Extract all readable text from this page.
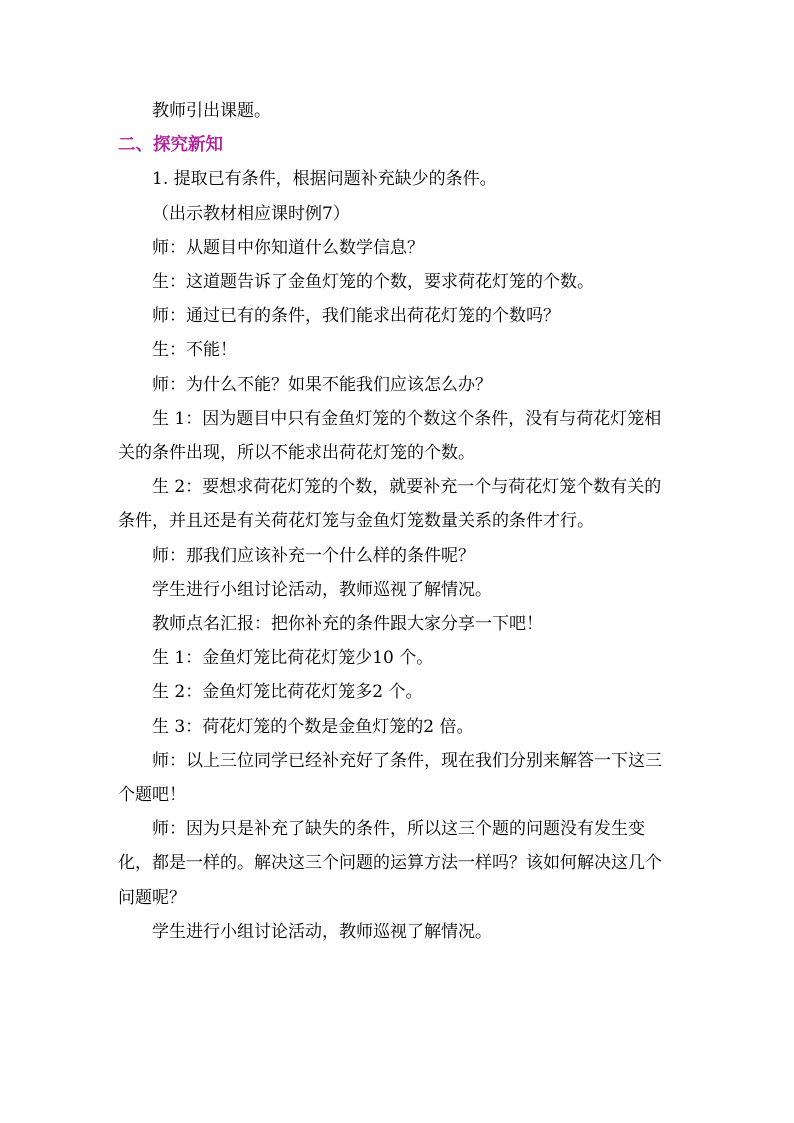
教师引出课题。

二、探究新知

1. 提取已有条件，根据问题补充缺少的条件。

（出示教材相应课时例7）

师：从题目中你知道什么数学信息？

生：这道题告诉了金鱼灯笼的个数，要求荷花灯笼的个数。

师：通过已有的条件，我们能求出荷花灯笼的个数吗？

生：不能！

师：为什么不能？如果不能我们应该怎么办？

生 1：因为题目中只有金鱼灯笼的个数这个条件，没有与荷花灯笼相关的条件出现，所以不能求出荷花灯笼的个数。

生 2：要想求荷花灯笼的个数，就要补充一个与荷花灯笼个数有关的条件，并且还是有关荷花灯笼与金鱼灯笼数量关系的条件才行。

师：那我们应该补充一个什么样的条件呢？

学生进行小组讨论活动，教师巡视了解情况。

教师点名汇报：把你补充的条件跟大家分享一下吧！

生 1：金鱼灯笼比荷花灯笼少10 个。

生 2：金鱼灯笼比荷花灯笼多2 个。

生 3：荷花灯笼的个数是金鱼灯笼的2 倍。

师：以上三位同学已经补充好了条件，现在我们分别来解答一下这三个题吧！

师：因为只是补充了缺失的条件，所以这三个题的问题没有发生变化，都是一样的。解决这三个问题的运算方法一样吗？该如何解决这几个问题呢？

学生进行小组讨论活动，教师巡视了解情况。
